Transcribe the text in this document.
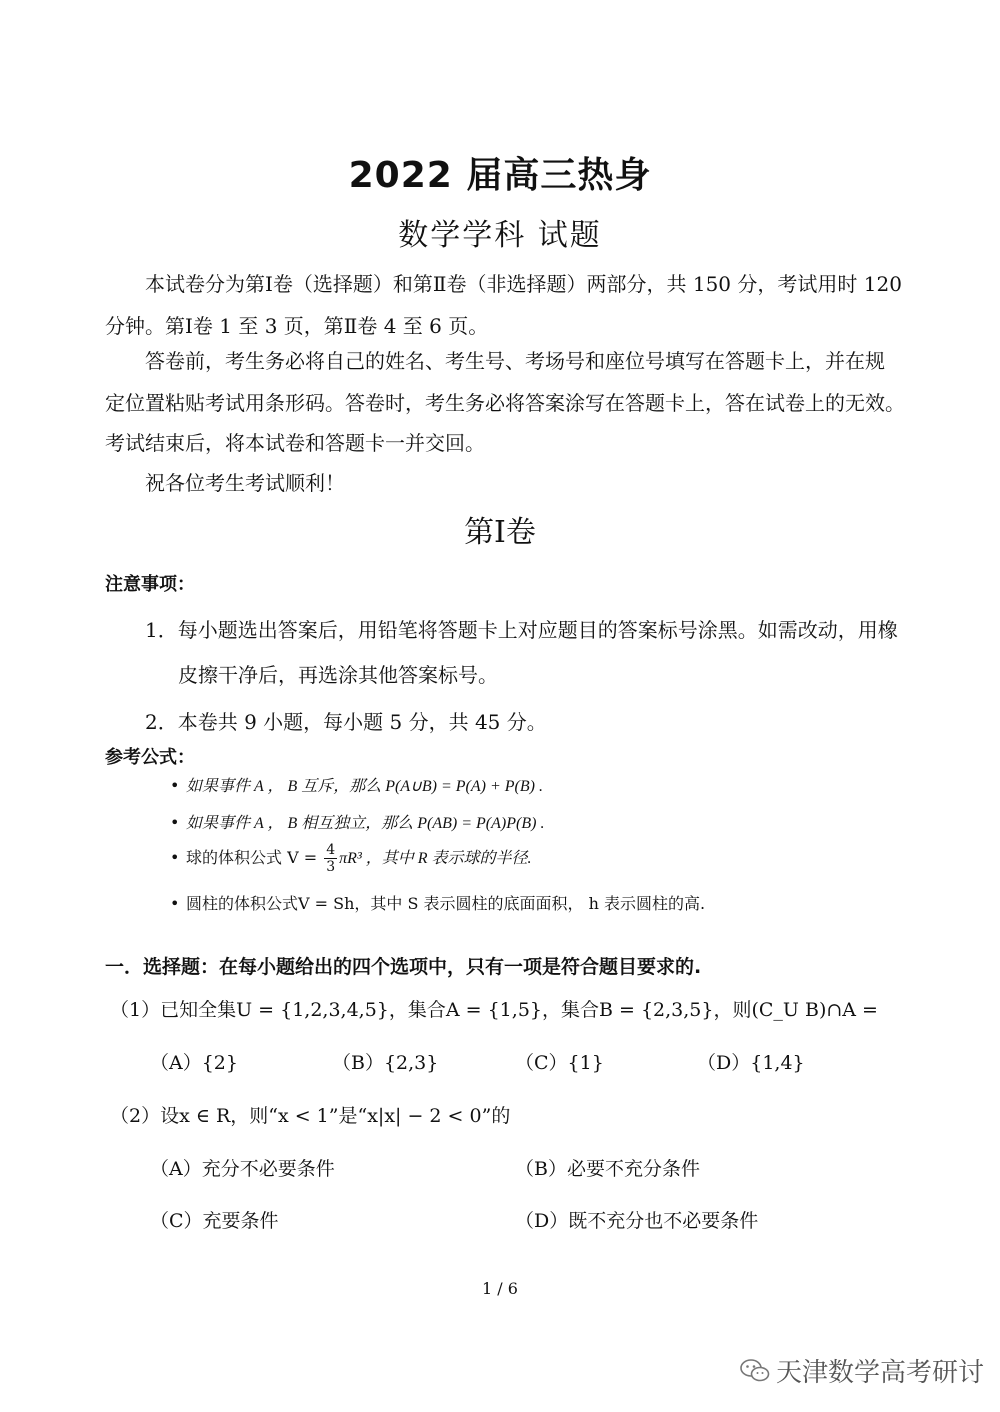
2022 届高三热身
数学学科 试题
本试卷分为第Ⅰ卷（选择题）和第Ⅱ卷（非选择题）两部分，共 150 分，考试用时 120
分钟。第Ⅰ卷 1 至 3 页，第Ⅱ卷 4 至 6 页。
答卷前，考生务必将自己的姓名、考生号、考场号和座位号填写在答题卡上，并在规
定位置粘贴考试用条形码。答卷时，考生务必将答案涂写在答题卡上，答在试卷上的无效。
考试结束后，将本试卷和答题卡一并交回。
祝各位考生考试顺利！
第Ⅰ卷
注意事项：
1．每小题选出答案后，用铅笔将答题卡上对应题目的答案标号涂黑。如需改动，用橡
皮擦干净后，再选涂其他答案标号。
2．本卷共 9 小题，每小题 5 分，共 45 分。
参考公式：
• 如果事件 A ， B 互斥，那么 P(A∪B) = P(A) + P(B) .
• 如果事件 A ， B 相互独立，那么 P(AB) = P(A)P(B) .
• 球的体积公式 $V = \frac{4}{3} \pi R^3$ ，其中 R 表示球的半径.
• 圆柱的体积公式V = Sh，其中 S 表示圆柱的底面面积， h 表示圆柱的高.
一．选择题：在每小题给出的四个选项中，只有一项是符合题目要求的.
（1）已知全集U = {1,2,3,4,5}，集合A = {1,5}，集合B = {2,3,5}，则(C_U B)∩A =
（A）{2}	（B）{2,3}	（C）{1}	（D）{1,4}
（2）设x ∈ R，则“x < 1”是“x|x| − 2 < 0”的
（A）充分不必要条件	（B）必要不充分条件
（C）充要条件	（D）既不充分也不必要条件
1 / 6
天津数学高考研讨
